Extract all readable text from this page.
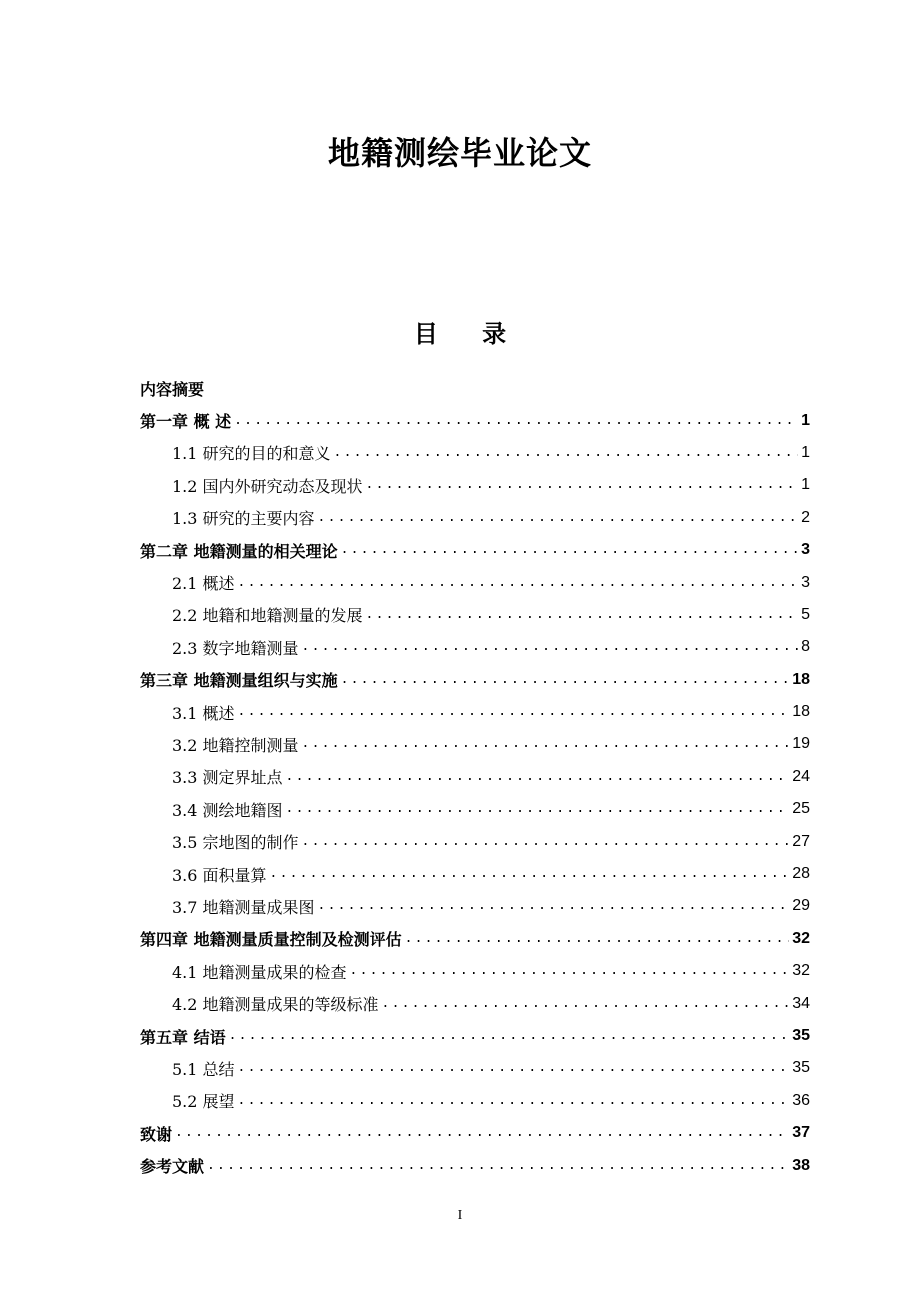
地籍测绘毕业论文
目 录
内容摘要
第一章 概 述 .....	1
1.1 研究的目的和意义 .....	1
1.2 国内外研究动态及现状 .....	1
1.3 研究的主要内容 .....	2
第二章 地籍测量的相关理论 .....	3
2.1 概述 .....	3
2.2 地籍和地籍测量的发展 .....	5
2.3 数字地籍测量 .....	8
第三章 地籍测量组织与实施 .....	18
3.1 概述 .....	18
3.2 地籍控制测量 .....	19
3.3 测定界址点 .....	24
3.4 测绘地籍图 .....	25
3.5 宗地图的制作 .....	27
3.6 面积量算 .....	28
3.7 地籍测量成果图 .....	29
第四章 地籍测量质量控制及检测评估 .....	32
4.1 地籍测量成果的检查 .....	32
4.2 地籍测量成果的等级标准 .....	34
第五章 结语 .....	35
5.1 总结 .....	35
5.2 展望 .....	36
致谢 .....	37
参考文献 .....	38
I
